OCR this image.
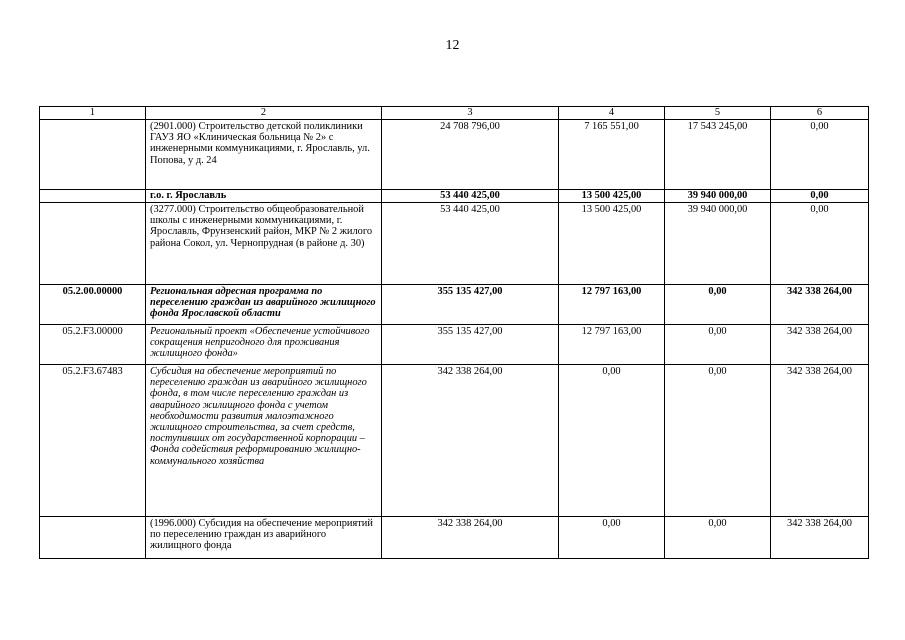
12
1	2	3	4	5	6
	(2901.000) Строительство детской поликлиники ГАУЗ ЯО «Клиническая больница № 2» с инженерными коммуникациями, г. Ярославль, ул. Попова, у д. 24	24 708 796,00	7 165 551,00	17 543 245,00	0,00
	г.о. г. Ярославль	53 440 425,00	13 500 425,00	39 940 000,00	0,00
	(3277.000) Строительство общеобразовательной школы с инженерными коммуникациями, г. Ярославль, Фрунзенский район, МКР № 2 жилого района Сокол, ул. Чернопрудная (в районе д. 30)	53 440 425,00	13 500 425,00	39 940 000,00	0,00
05.2.00.00000	Региональная адресная программа по переселению граждан из аварийного жилищного фонда Ярославской области	355 135 427,00	12 797 163,00	0,00	342 338 264,00
05.2.F3.00000	Региональный проект «Обеспечение устойчивого сокращения непригодного для проживания жилищного фонда»	355 135 427,00	12 797 163,00	0,00	342 338 264,00
05.2.F3.67483	Субсидия на обеспечение мероприятий по переселению граждан из аварийного жилищного фонда, в том числе переселению граждан из аварийного жилищного фонда с учетом необходимости развития малоэтажного жилищного строительства, за счет средств, поступивших от государственной корпорации – Фонда содействия реформированию жилищно-коммунального хозяйства	342 338 264,00	0,00	0,00	342 338 264,00
	(1996.000) Субсидия на обеспечение мероприятий по переселению граждан из аварийного жилищного фонда	342 338 264,00	0,00	0,00	342 338 264,00
